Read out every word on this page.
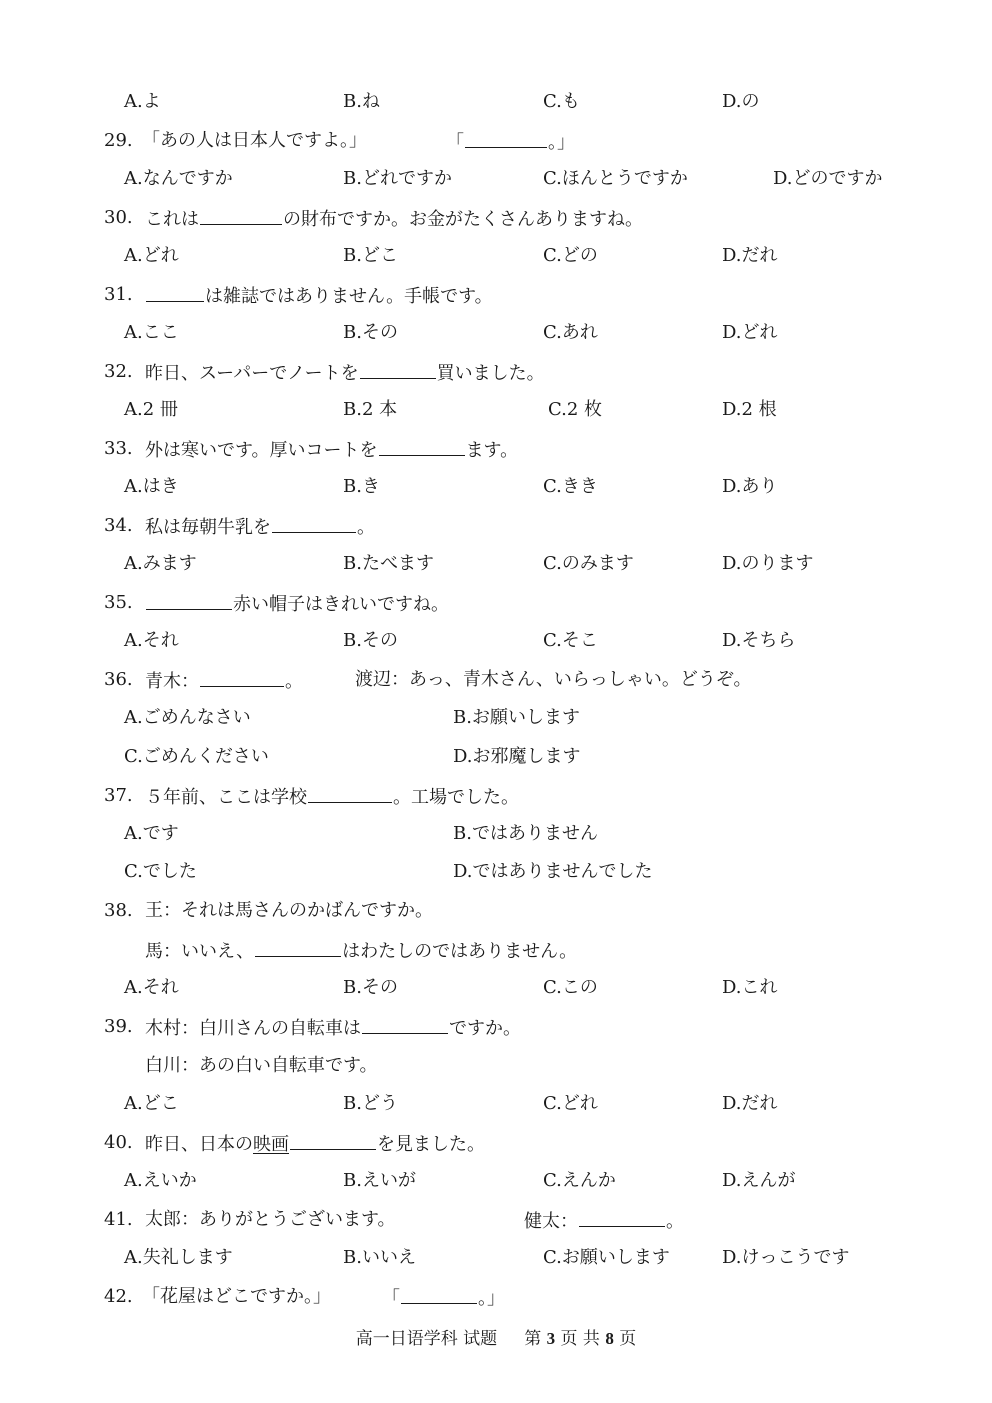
A.よ	B.ね	C.も	D.の
29. 「あの人は日本人ですよ。」	「	。」
A.なんですか	B.どれですか	C.ほんとうですか	D.どのですか
30. これは	の財布ですか。お金がたくさんありますね。
A.どれ	B.どこ	C.どの	D.だれ
31.	は雑誌ではありません。手帳です。
A.ここ	B.その	C.あれ	D.どれ
32. 昨日、スーパーでノートを	買いました。
A.2 冊	B.2 本	C.2 枚	D.2 根
33. 外は寒いです。厚いコートを	ます。
A.はき	B.き	C.きき	D.あり
34. 私は毎朝牛乳を	。
A.みます	B.たべます	C.のみます	D.のります
35.	赤い帽子はきれいですね。
A.それ	B.その	C.そこ	D.そちら
36. 青木：	。	渡辺：あっ、青木さん、いらっしゃい。どうぞ。
A.ごめんなさい	B.お願いします
C.ごめんください	D.お邪魔します
37. ５年前、ここは学校	。工場でした。
A.です	B.ではありません
C.でした	D.ではありませんでした
38. 王：それは馬さんのかばんですか。
馬：いいえ、	はわたしのではありません。
A.それ	B.その	C.この	D.これ
39. 木村：白川さんの自転車は	ですか。
白川：あの白い自転車です。
A.どこ	B.どう	C.どれ	D.だれ
40. 昨日、日本の映画	を見ました。
A.えいか	B.えいが	C.えんか	D.えんが
41. 太郎：ありがとうございます。	健太：	。
A.失礼します	B.いいえ	C.お願いします	D.けっこうです
42. 「花屋はどこですか。」	「	。」
高一日语学科 试题 第 3 页 共 8 页
